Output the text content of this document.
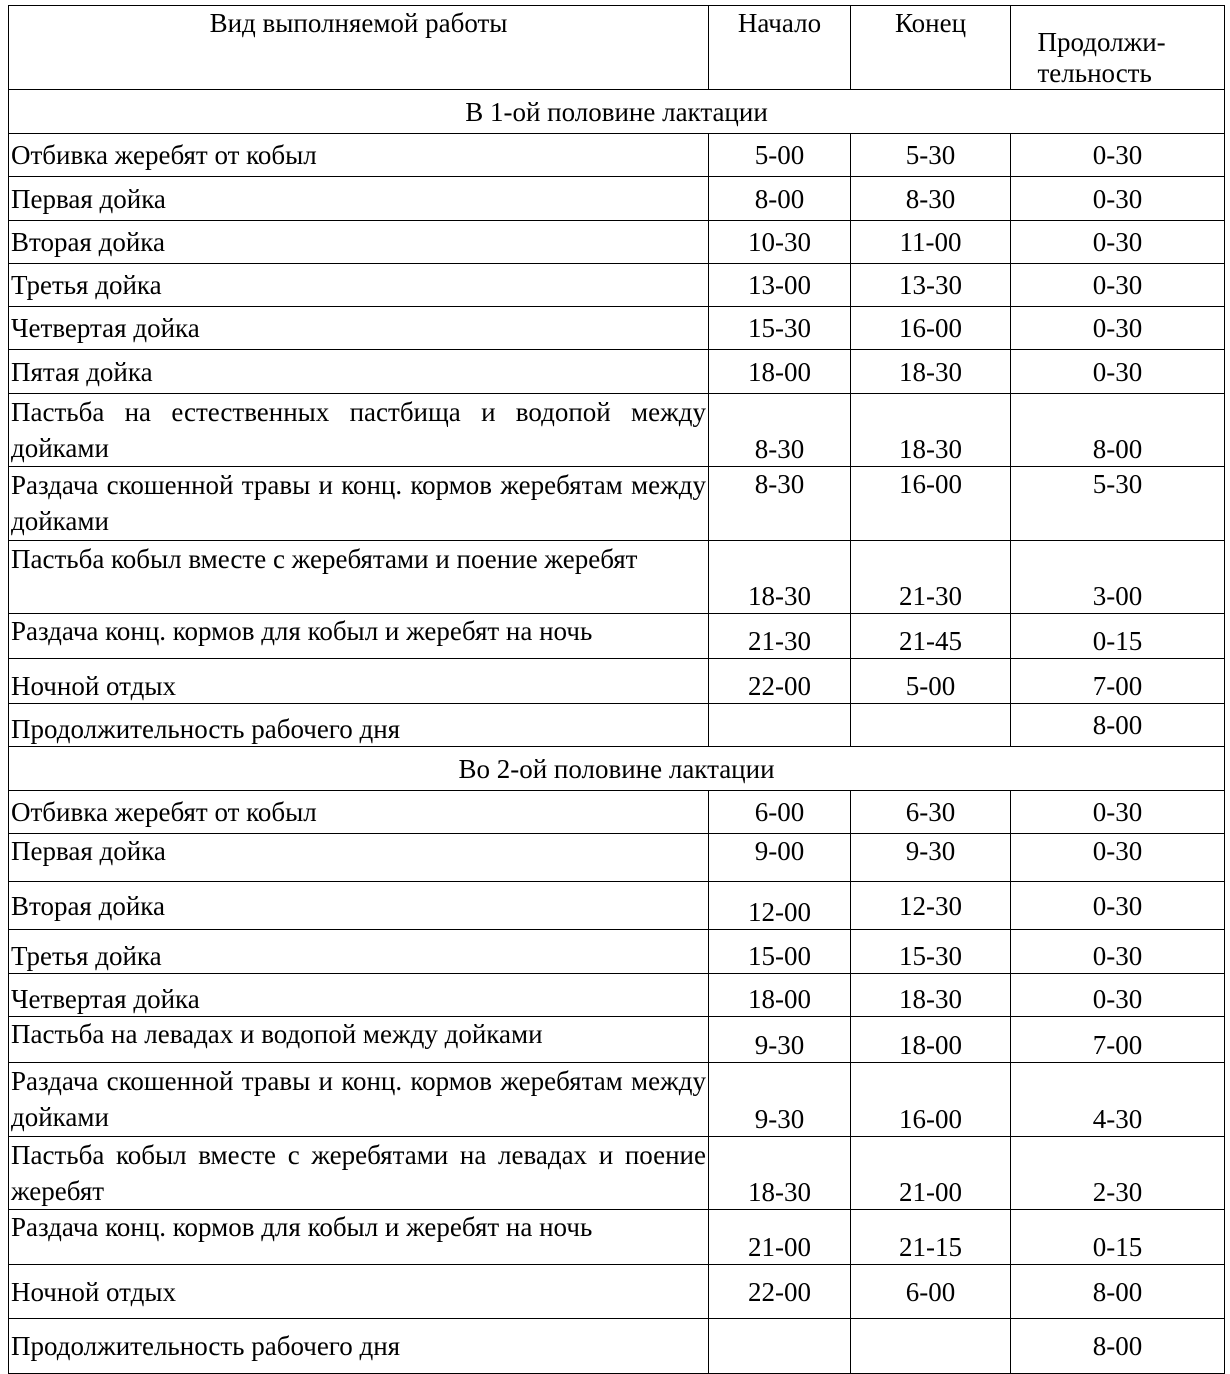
Вид выполняемой работы	Начало	Конец	Продолжи-тельность
В 1-ой половине лактации			
Отбивка жеребят от кобыл	5-00	5-30	0-30
Первая дойка	8-00	8-30	0-30
Вторая дойка	10-30	11-00	0-30
Третья дойка	13-00	13-30	0-30
Четвертая дойка	15-30	16-00	0-30
Пятая дойка	18-00	18-30	0-30
Пастьба на естественных пастбища и водопой между дойками	8-30	18-30	8-00
Раздача скошенной травы и конц. кормов жеребятам между дойками	8-30	16-00	5-30
Пастьба кобыл вместе с жеребятами и поение жеребят	18-30	21-30	3-00
Раздача конц. кормов для кобыл и жеребят на ночь	21-30	21-45	0-15
Ночной отдых	22-00	5-00	7-00
Продолжительность рабочего дня			8-00
Во 2-ой половине лактации			
Отбивка жеребят от кобыл	6-00	6-30	0-30
Первая дойка	9-00	9-30	0-30
Вторая дойка	12-00	12-30	0-30
Третья дойка	15-00	15-30	0-30
Четвертая дойка	18-00	18-30	0-30
Пастьба на левадах и водопой между дойками	9-30	18-00	7-00
Раздача скошенной травы и конц. кормов жеребятам между дойками	9-30	16-00	4-30
Пастьба кобыл вместе с жеребятами на левадах и поение жеребят	18-30	21-00	2-30
Раздача конц. кормов для кобыл и жеребят на ночь	21-00	21-15	0-15
Ночной отдых	22-00	6-00	8-00
Продолжительность рабочего дня			8-00
